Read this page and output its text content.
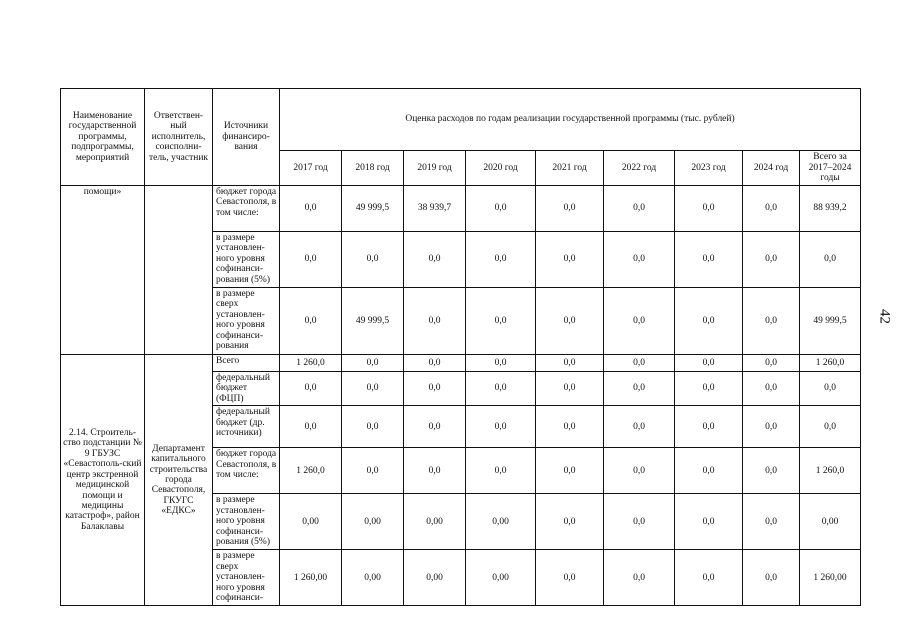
42
Наименование государственной программы, подпрограммы, мероприятий	Ответствен-ный исполнитель, соисполни-тель, участник	Источники финансиро-вания	Оценка расходов по годам реализации государственной программы (тыс. рублей)								
			2017 год	2018 год	2019 год	2020 год	2021 год	2022 год	2023 год	2024 год	Всего за 2017–2024 годы
помощи»		бюджет города Севастополя, в том числе:	0,0	49 999,5	38 939,7	0,0	0,0	0,0	0,0	0,0	88 939,2
		в размере установлен-ного уровня софинанси-рования (5%)	0,0	0,0	0,0	0,0	0,0	0,0	0,0	0,0	0,0
		в размере сверх установлен-ного уровня софинанси-рования	0,0	49 999,5	0,0	0,0	0,0	0,0	0,0	0,0	49 999,5
2.14. Строитель-ство подстанции № 9 ГБУЗС «Севастополь-ский центр экстренной медицинской помощи и медицины катастроф», район Балаклавы	Департамент капитального строительства города Севастополя, ГКУГС «ЕДКС»	Всего	1 260,0	0,0	0,0	0,0	0,0	0,0	0,0	0,0	1 260,0
		федеральный бюджет (ФЦП)	0,0	0,0	0,0	0,0	0,0	0,0	0,0	0,0	0,0
		федеральный бюджет (др. источники)	0,0	0,0	0,0	0,0	0,0	0,0	0,0	0,0	0,0
		бюджет города Севастополя, в том числе:	1 260,0	0,0	0,0	0,0	0,0	0,0	0,0	0,0	1 260,0
		в размере установлен-ного уровня софинанси-рования (5%)	0,00	0,00	0,00	0,00	0,0	0,0	0,0	0,0	0,00
		в размере сверх установлен-ного уровня софинанси-	1 260,00	0,00	0,00	0,00	0,0	0,0	0,0	0,0	1 260,00
